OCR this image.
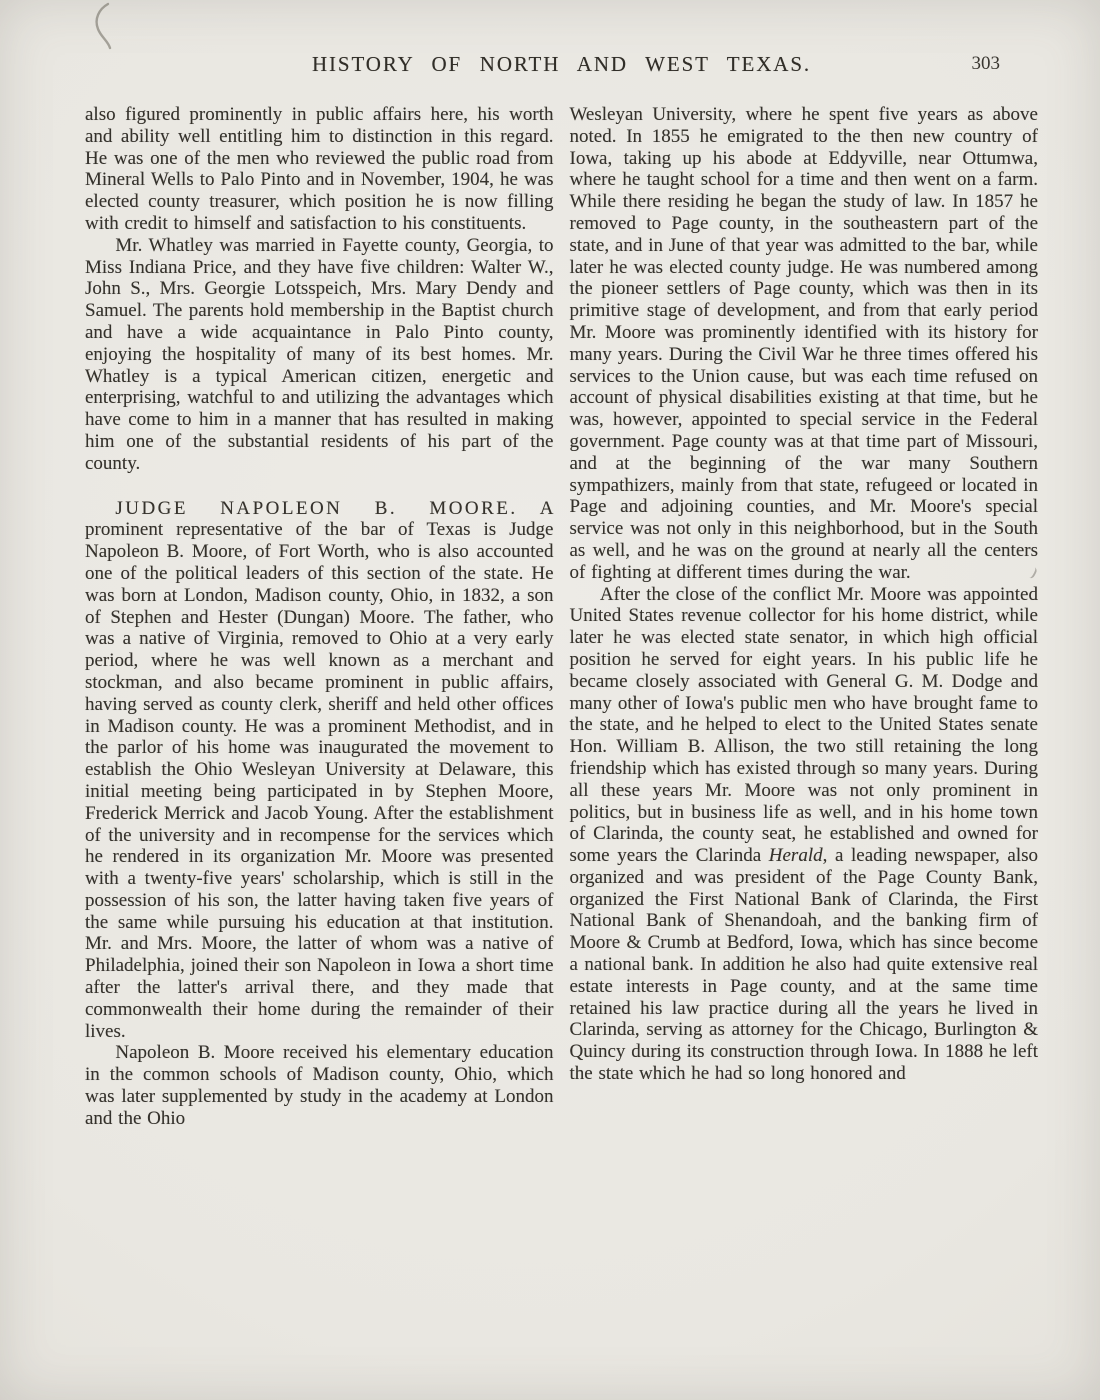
HISTORY OF NORTH AND WEST TEXAS.	303

also figured prominently in public affairs here, his worth and ability well entitling him to distinction in this regard. He was one of the men who reviewed the public road from Mineral Wells to Palo Pinto and in November, 1904, he was elected county treasurer, which position he is now filling with credit to himself and satisfaction to his constituents.

Mr. Whatley was married in Fayette county, Georgia, to Miss Indiana Price, and they have five children: Walter W., John S., Mrs. Georgie Lotsspeich, Mrs. Mary Dendy and Samuel. The parents hold membership in the Baptist church and have a wide acquaintance in Palo Pinto county, enjoying the hospitality of many of its best homes. Mr. Whatley is a typical American citizen, energetic and enterprising, watchful to and utilizing the advantages which have come to him in a manner that has resulted in making him one of the substantial residents of his part of the county.

JUDGE NAPOLEON B. MOORE. A prominent representative of the bar of Texas is Judge Napoleon B. Moore, of Fort Worth, who is also accounted one of the political leaders of this section of the state. He was born at London, Madison county, Ohio, in 1832, a son of Stephen and Hester (Dungan) Moore. The father, who was a native of Virginia, removed to Ohio at a very early period, where he was well known as a merchant and stockman, and also became prominent in public affairs, having served as county clerk, sheriff and held other offices in Madison county. He was a prominent Methodist, and in the parlor of his home was inaugurated the movement to establish the Ohio Wesleyan University at Delaware, this initial meeting being participated in by Stephen Moore, Frederick Merrick and Jacob Young. After the establishment of the university and in recompense for the services which he rendered in its organization Mr. Moore was presented with a twenty-five years' scholarship, which is still in the possession of his son, the latter having taken five years of the same while pursuing his education at that institution. Mr. and Mrs. Moore, the latter of whom was a native of Philadelphia, joined their son Napoleon in Iowa a short time after the latter's arrival there, and they made that commonwealth their home during the remainder of their lives.

Napoleon B. Moore received his elementary education in the common schools of Madison county, Ohio, which was later supplemented by study in the academy at London and the Ohio

Wesleyan University, where he spent five years as above noted. In 1855 he emigrated to the then new country of Iowa, taking up his abode at Eddyville, near Ottumwa, where he taught school for a time and then went on a farm. While there residing he began the study of law. In 1857 he removed to Page county, in the southeastern part of the state, and in June of that year was admitted to the bar, while later he was elected county judge. He was numbered among the pioneer settlers of Page county, which was then in its primitive stage of development, and from that early period Mr. Moore was prominently identified with its history for many years. During the Civil War he three times offered his services to the Union cause, but was each time refused on account of physical disabilities existing at that time, but he was, however, appointed to special service in the Federal government. Page county was at that time part of Missouri, and at the beginning of the war many Southern sympathizers, mainly from that state, refugeed or located in Page and adjoining counties, and Mr. Moore's special service was not only in this neighborhood, but in the South as well, and he was on the ground at nearly all the centers of fighting at different times during the war.

After the close of the conflict Mr. Moore was appointed United States revenue collector for his home district, while later he was elected state senator, in which high official position he served for eight years. In his public life he became closely associated with General G. M. Dodge and many other of Iowa's public men who have brought fame to the state, and he helped to elect to the United States senate Hon. William B. Allison, the two still retaining the long friendship which has existed through so many years. During all these years Mr. Moore was not only prominent in politics, but in business life as well, and in his home town of Clarinda, the county seat, he established and owned for some years the Clarinda Herald, a leading newspaper, also organized and was president of the Page County Bank, organized the First National Bank of Clarinda, the First National Bank of Shenandoah, and the banking firm of Moore & Crumb at Bedford, Iowa, which has since become a national bank. In addition he also had quite extensive real estate interests in Page county, and at the same time retained his law practice during all the years he lived in Clarinda, serving as attorney for the Chicago, Burlington & Quincy during its construction through Iowa. In 1888 he left the state which he had so long honored and
